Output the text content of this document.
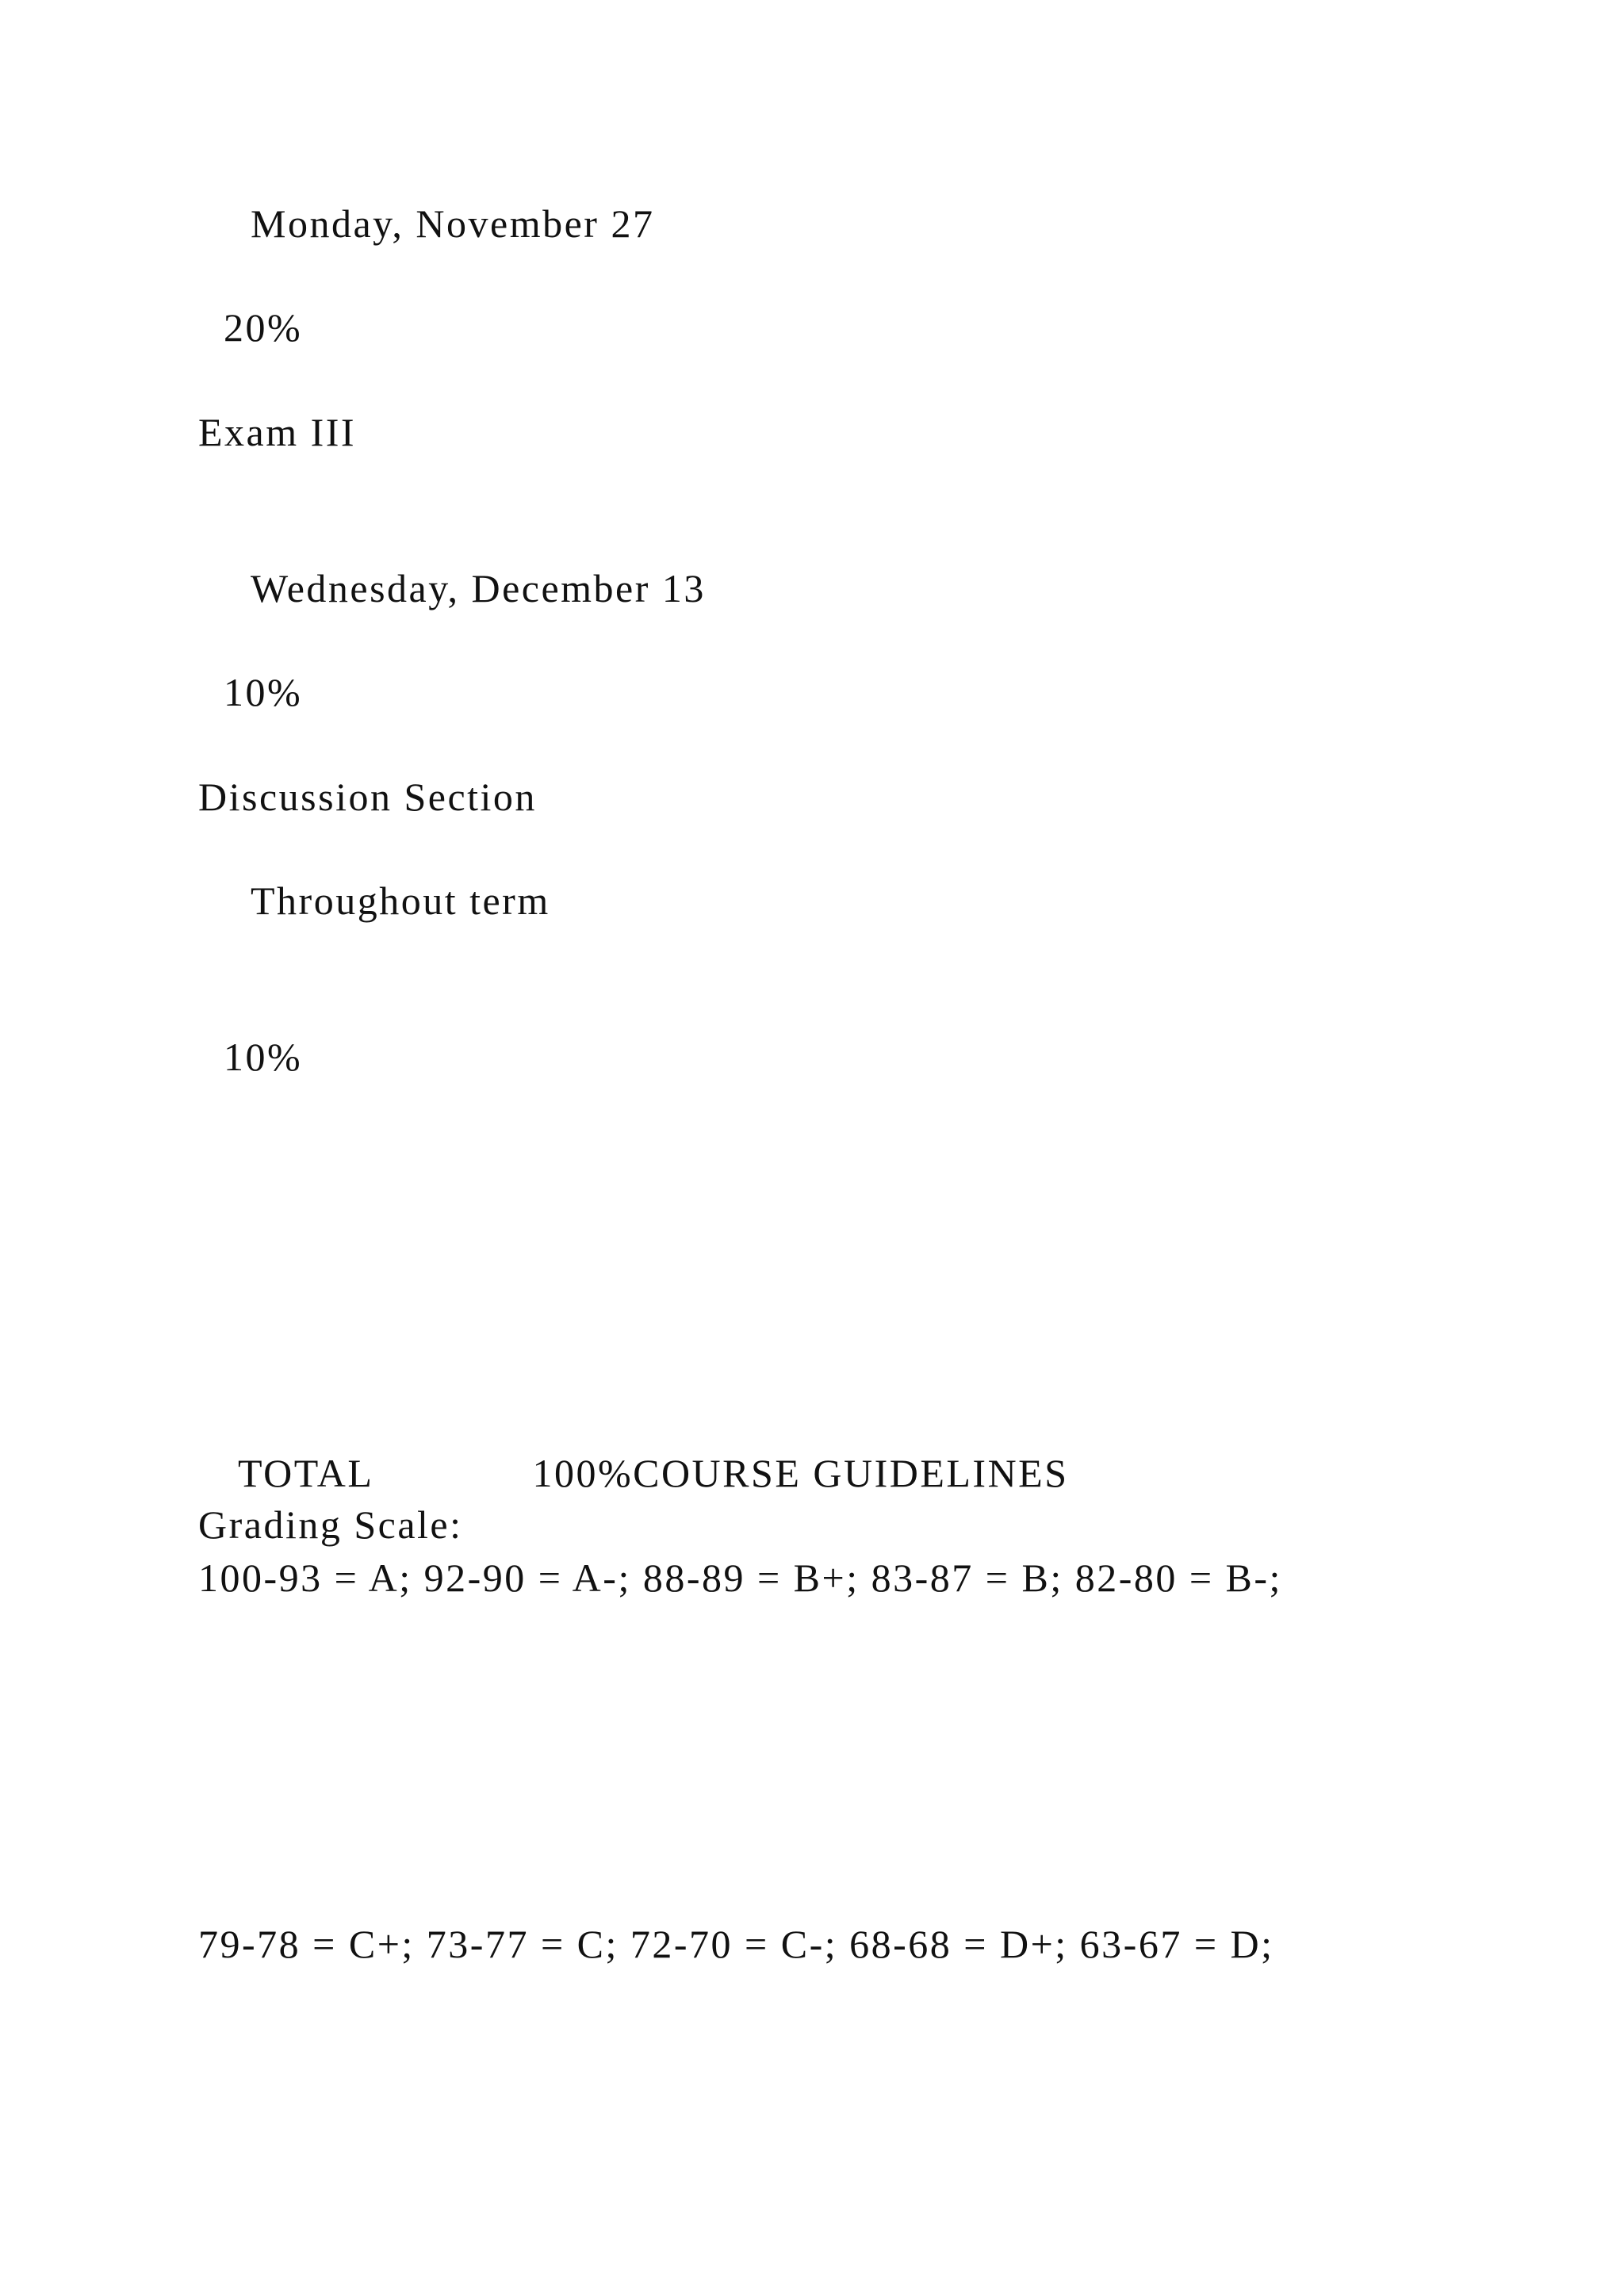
Monday, November 27

20%

Exam III

Wednesday, December 13

10%

Discussion Section

Throughout term

10%

TOTAL	100%COURSE GUIDELINES

Grading Scale:

100-93 = A; 92-90 = A-; 88-89 = B+; 83-87 = B; 82-80 = B-;

79-78 = C+; 73-77 = C; 72-70 = C-; 68-68 = D+; 63-67 = D;
